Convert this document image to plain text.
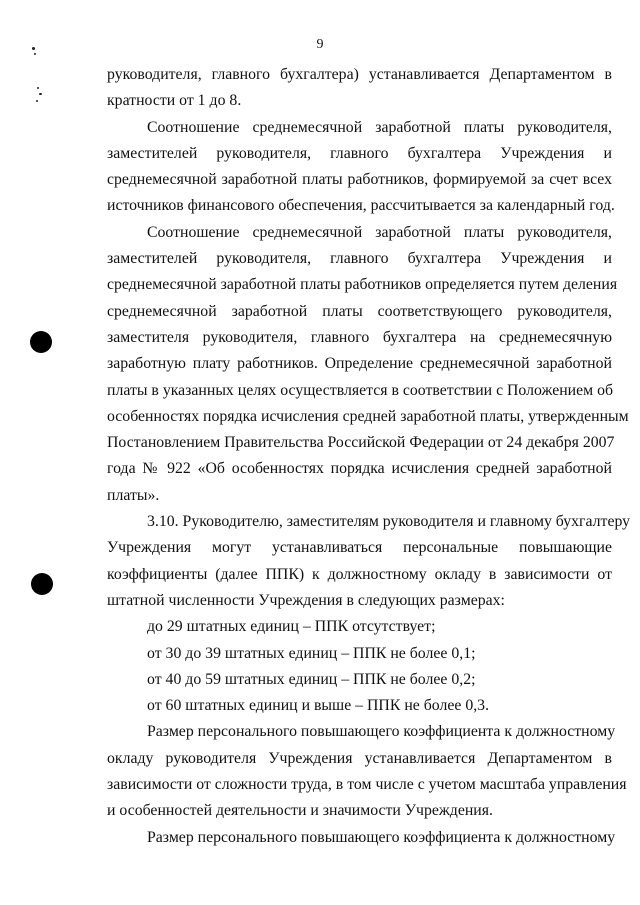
9
руководителя, главного бухгалтера) устанавливается Департаментом в
кратности от 1 до 8.
Соотношение среднемесячной заработной платы руководителя,
заместителей руководителя, главного бухгалтера Учреждения и
среднемесячной заработной платы работников, формируемой за счет всех
источников финансового обеспечения, рассчитывается за календарный год.
Соотношение среднемесячной заработной платы руководителя,
заместителей руководителя, главного бухгалтера Учреждения и
среднемесячной заработной платы работников определяется путем деления
среднемесячной заработной платы соответствующего руководителя,
заместителя руководителя, главного бухгалтера на среднемесячную
заработную плату работников. Определение среднемесячной заработной
платы в указанных целях осуществляется в соответствии с Положением об
особенностях порядка исчисления средней заработной платы, утвержденным
Постановлением Правительства Российской Федерации от 24 декабря 2007
года № 922 «Об особенностях порядка исчисления средней заработной
платы».
3.10. Руководителю, заместителям руководителя и главному бухгалтеру
Учреждения могут устанавливаться персональные повышающие
коэффициенты (далее ППК) к должностному окладу в зависимости от
штатной численности Учреждения в следующих размерах:
до 29 штатных единиц – ППК отсутствует;
от 30 до 39 штатных единиц – ППК не более 0,1;
от 40 до 59 штатных единиц – ППК не более 0,2;
от 60 штатных единиц и выше – ППК не более 0,3.
Размер персонального повышающего коэффициента к должностному
окладу руководителя Учреждения устанавливается Департаментом в
зависимости от сложности труда, в том числе с учетом масштаба управления
и особенностей деятельности и значимости Учреждения.
Размер персонального повышающего коэффициента к должностному
